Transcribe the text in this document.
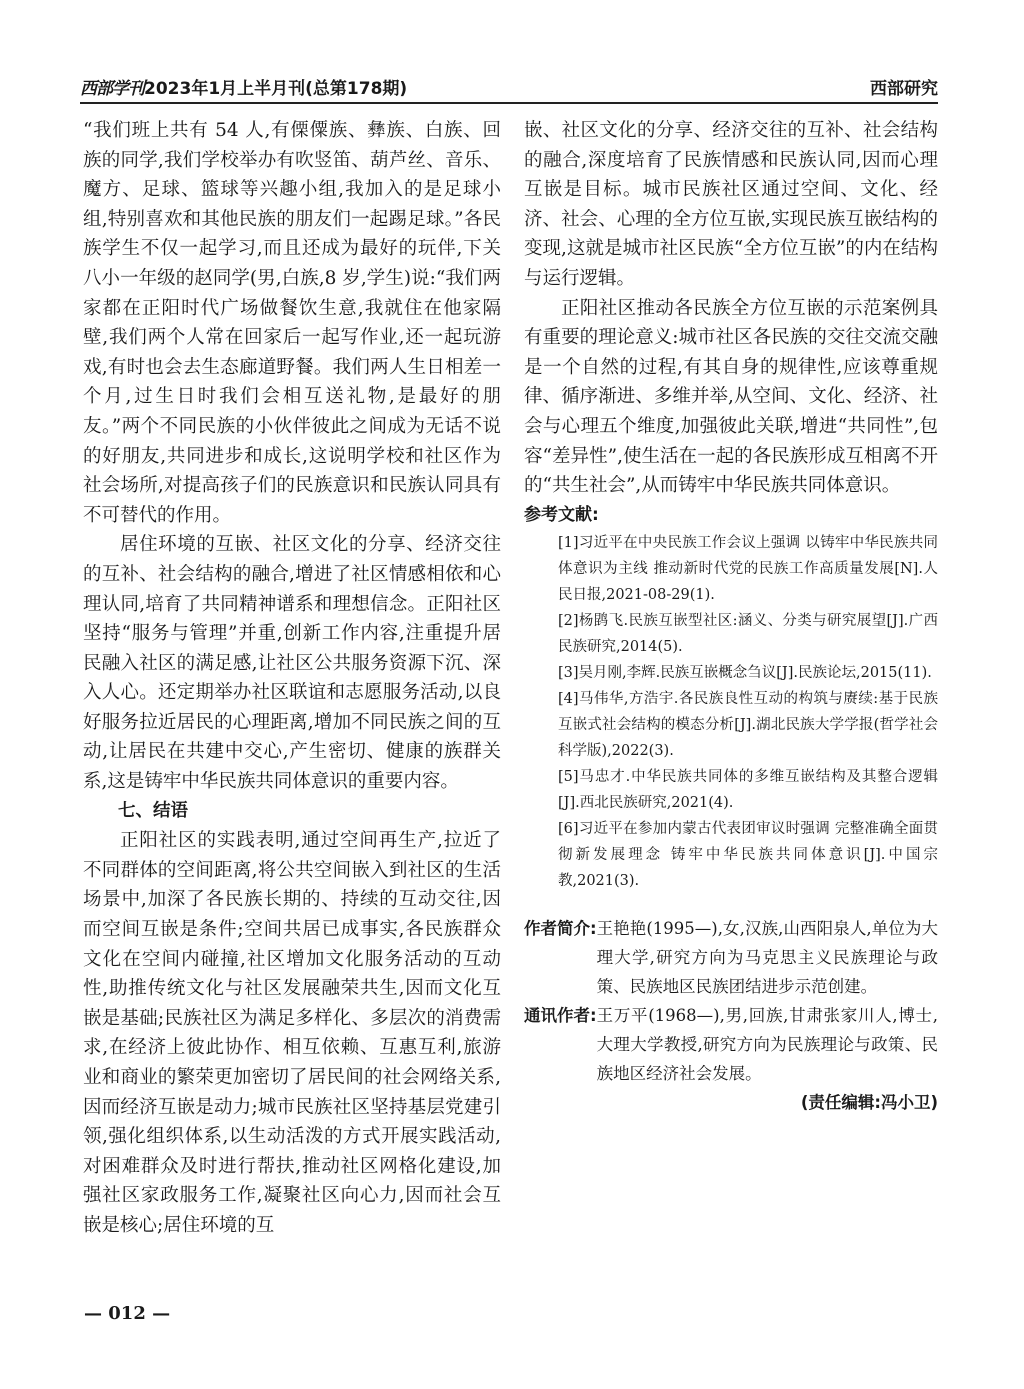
西部学刊2023年1月上半月刊(总第178期)	西部研究

“我们班上共有 54 人,有傈僳族、彝族、白族、回族的同学,我们学校举办有吹竖笛、葫芦丝、音乐、魔方、足球、篮球等兴趣小组,我加入的是足球小组,特别喜欢和其他民族的朋友们一起踢足球。”各民族学生不仅一起学习,而且还成为最好的玩伴,下关八小一年级的赵同学(男,白族,8 岁,学生)说:“我们两家都在正阳时代广场做餐饮生意,我就住在他家隔壁,我们两个人常在回家后一起写作业,还一起玩游戏,有时也会去生态廊道野餐。我们两人生日相差一个月,过生日时我们会相互送礼物,是最好的朋友。”两个不同民族的小伙伴彼此之间成为无话不说的好朋友,共同进步和成长,这说明学校和社区作为社会场所,对提高孩子们的民族意识和民族认同具有不可替代的作用。

居住环境的互嵌、社区文化的分享、经济交往的互补、社会结构的融合,增进了社区情感相依和心理认同,培育了共同精神谱系和理想信念。正阳社区坚持“服务与管理”并重,创新工作内容,注重提升居民融入社区的满足感,让社区公共服务资源下沉、深入人心。还定期举办社区联谊和志愿服务活动,以良好服务拉近居民的心理距离,增加不同民族之间的互动,让居民在共建中交心,产生密切、健康的族群关系,这是铸牢中华民族共同体意识的重要内容。

七、结语

正阳社区的实践表明,通过空间再生产,拉近了不同群体的空间距离,将公共空间嵌入到社区的生活场景中,加深了各民族长期的、持续的互动交往,因而空间互嵌是条件;空间共居已成事实,各民族群众文化在空间内碰撞,社区增加文化服务活动的互动性,助推传统文化与社区发展融荣共生,因而文化互嵌是基础;民族社区为满足多样化、多层次的消费需求,在经济上彼此协作、相互依赖、互惠互利,旅游业和商业的繁荣更加密切了居民间的社会网络关系,因而经济互嵌是动力;城市民族社区坚持基层党建引领,强化组织体系,以生动活泼的方式开展实践活动,对困难群众及时进行帮扶,推动社区网格化建设,加强社区家政服务工作,凝聚社区向心力,因而社会互嵌是核心;居住环境的互

嵌、社区文化的分享、经济交往的互补、社会结构的融合,深度培育了民族情感和民族认同,因而心理互嵌是目标。城市民族社区通过空间、文化、经济、社会、心理的全方位互嵌,实现民族互嵌结构的变现,这就是城市社区民族“全方位互嵌”的内在结构与运行逻辑。

正阳社区推动各民族全方位互嵌的示范案例具有重要的理论意义:城市社区各民族的交往交流交融是一个自然的过程,有其自身的规律性,应该尊重规律、循序渐进、多维并举,从空间、文化、经济、社会与心理五个维度,加强彼此关联,增进“共同性”,包容“差异性”,使生活在一起的各民族形成互相离不开的“共生社会”,从而铸牢中华民族共同体意识。

参考文献:

[1]习近平在中央民族工作会议上强调 以铸牢中华民族共同体意识为主线 推动新时代党的民族工作高质量发展[N].人民日报,2021-08-29(1).

[2]杨鹍飞.民族互嵌型社区:涵义、分类与研究展望[J].广西民族研究,2014(5).

[3]吴月刚,李辉.民族互嵌概念刍议[J].民族论坛,2015(11).

[4]马伟华,方浩宇.各民族良性互动的构筑与赓续:基于民族互嵌式社会结构的模态分析[J].湖北民族大学学报(哲学社会科学版),2022(3).

[5]马忠才.中华民族共同体的多维互嵌结构及其整合逻辑[J].西北民族研究,2021(4).

[6]习近平在参加内蒙古代表团审议时强调 完整准确全面贯彻新发展理念 铸牢中华民族共同体意识[J].中国宗教,2021(3).

作者简介: 王艳艳(1995—),女,汉族,山西阳泉人,单位为大理大学,研究方向为马克思主义民族理论与政策、民族地区民族团结进步示范创建。
通讯作者: 王万平(1968—),男,回族,甘肃张家川人,博士,大理大学教授,研究方向为民族理论与政策、民族地区经济社会发展。

(责任编辑:冯小卫)

— 012 —
